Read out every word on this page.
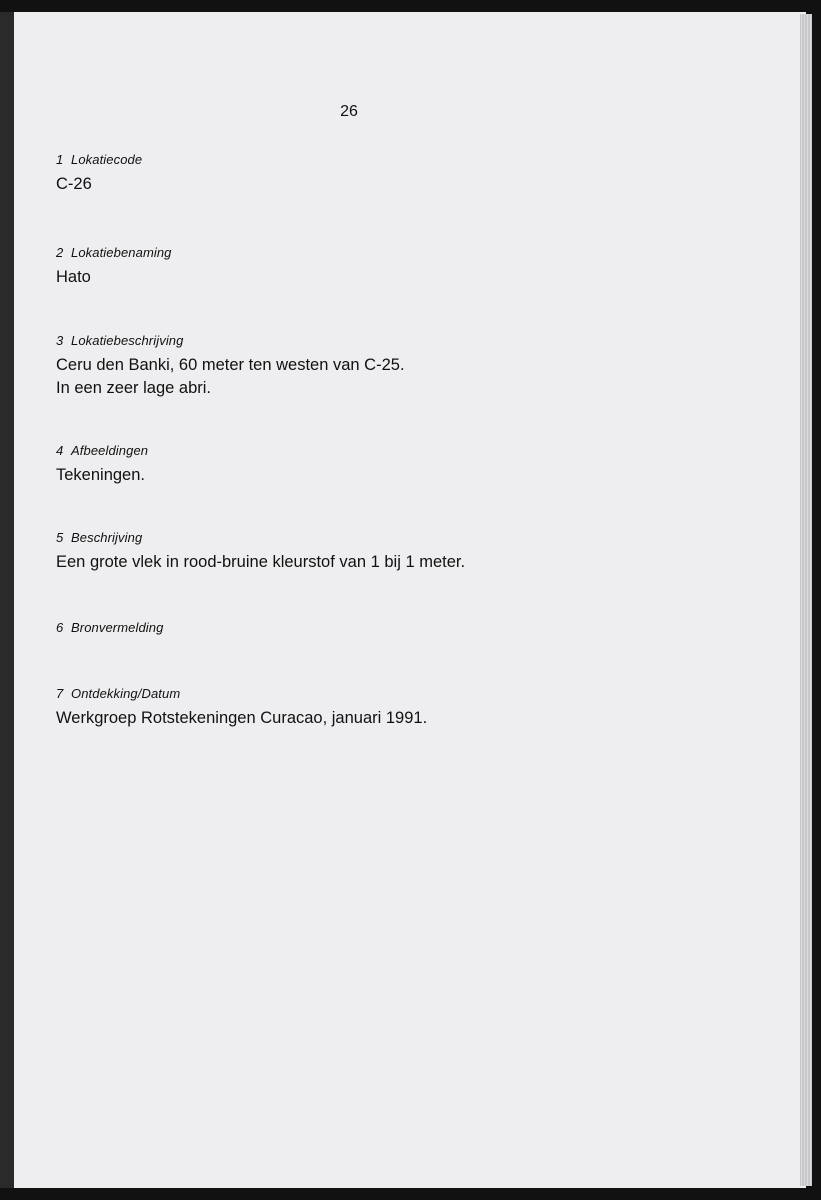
26
1 Lokatiecode
C-26
2 Lokatiebenaming
Hato
3 Lokatiebeschrijving
Ceru den Banki, 60 meter ten westen van C-25.
In een zeer lage abri.
4 Afbeeldingen
Tekeningen.
5 Beschrijving
Een grote vlek in rood-bruine kleurstof van 1 bij 1 meter.
6 Bronvermelding
7 Ontdekking/Datum
Werkgroep Rotstekeningen Curacao, januari 1991.
